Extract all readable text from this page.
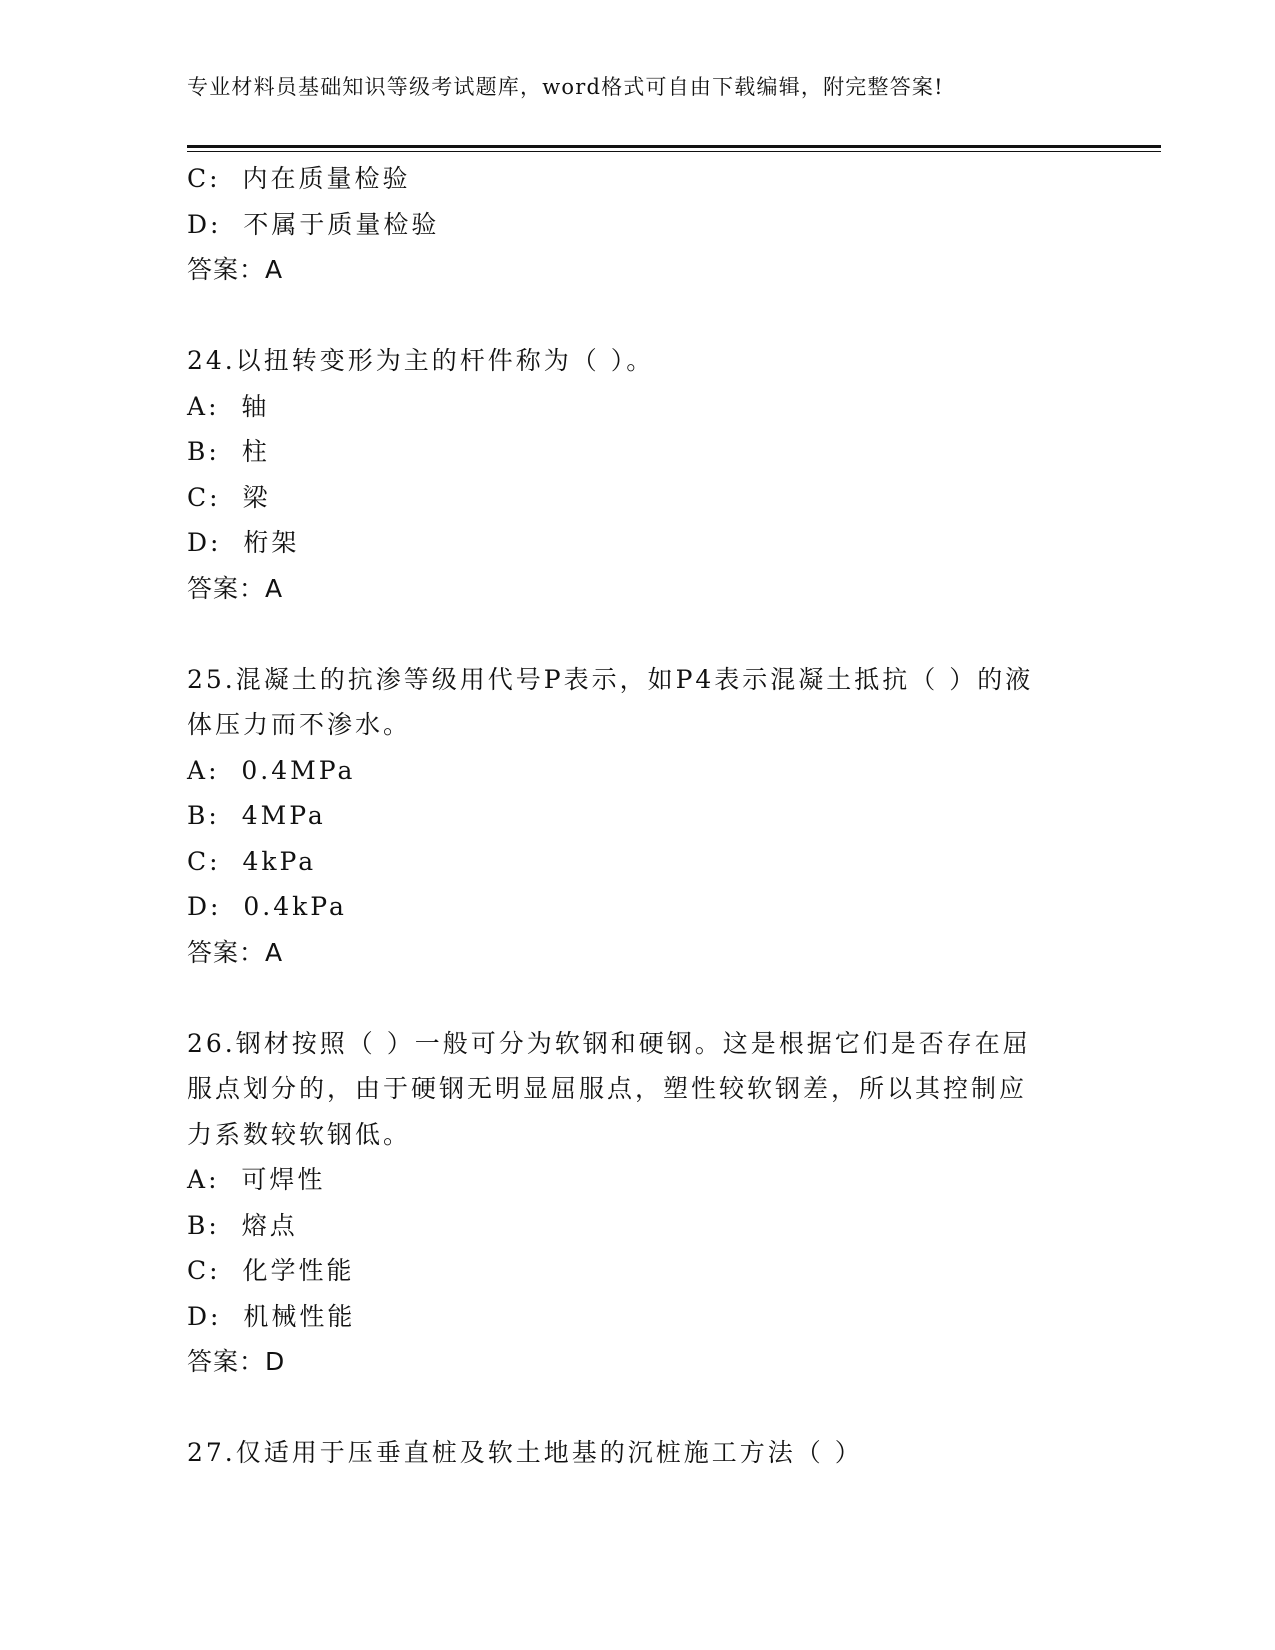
专业材料员基础知识等级考试题库，word格式可自由下载编辑，附完整答案!
C:  内在质量检验
D:  不属于质量检验
答案：A
24.以扭转变形为主的杆件称为（ ）。
A:  轴
B:  柱
C:  梁
D:  桁架
答案：A
25.混凝土的抗渗等级用代号P表示，如P4表示混凝土抵抗（ ）的液
体压力而不渗水。
A:  0.4MPa
B:  4MPa
C:  4kPa
D:  0.4kPa
答案：A
26.钢材按照（ ）一般可分为软钢和硬钢。这是根据它们是否存在屈
服点划分的，由于硬钢无明显屈服点，塑性较软钢差，所以其控制应
力系数较软钢低。
A:  可焊性
B:  熔点
C:  化学性能
D:  机械性能
答案：D
27.仅适用于压垂直桩及软土地基的沉桩施工方法（ ）
